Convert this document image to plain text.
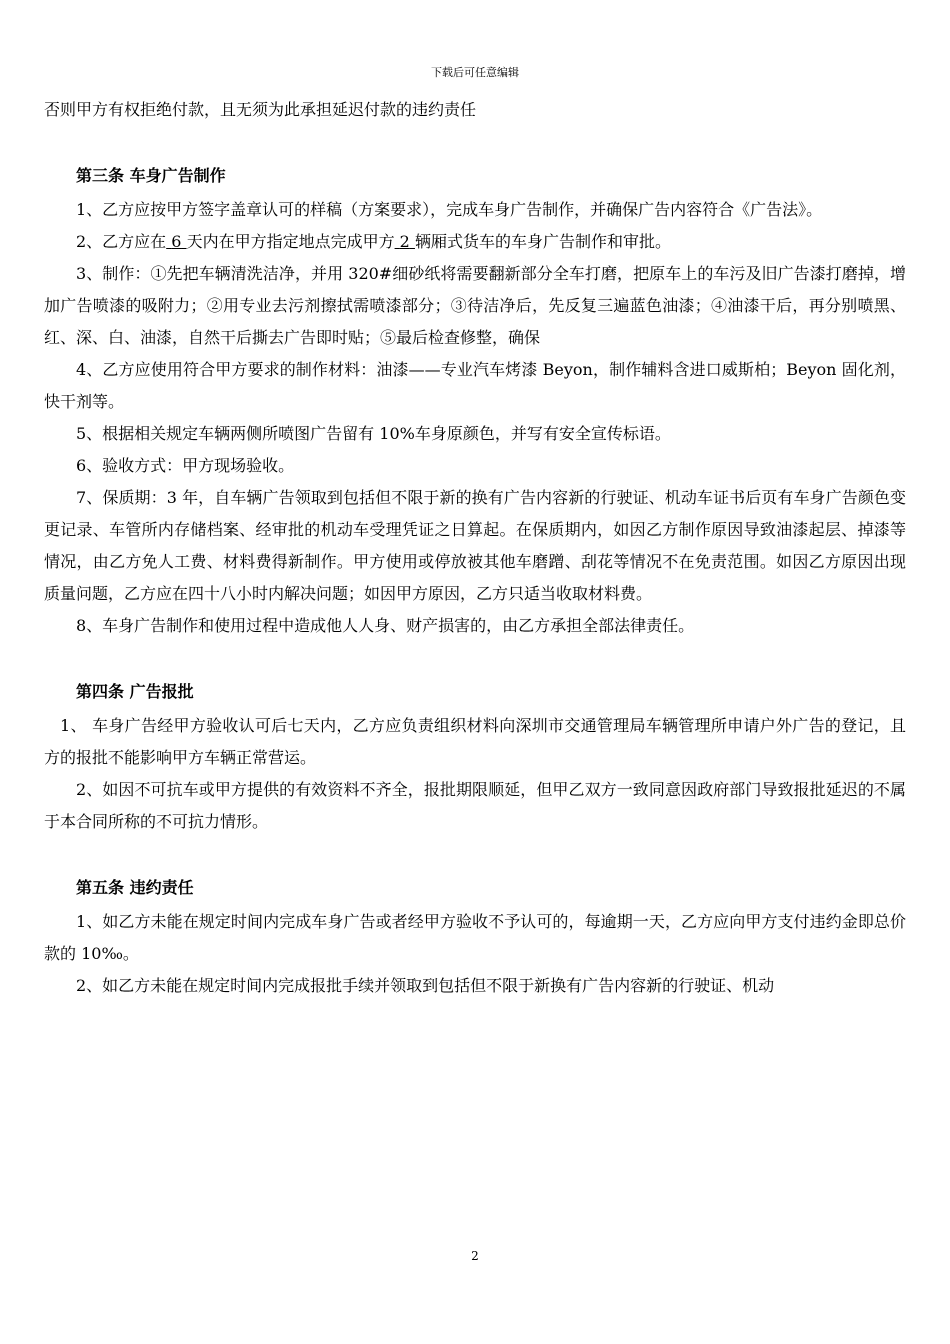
下载后可任意编辑

否则甲方有权拒绝付款，且无须为此承担延迟付款的违约责任

第三条 车身广告制作

1、乙方应按甲方签字盖章认可的样稿（方案要求），完成车身广告制作，并确保广告内容符合《广告法》。

2、乙方应在 6 天内在甲方指定地点完成甲方 2 辆厢式货车的车身广告制作和审批。

3、制作：①先把车辆清洗洁净，并用 320#细砂纸将需要翻新部分全车打磨，把原车上的车污及旧广告漆打磨掉，增加广告喷漆的吸附力；②用专业去污剂擦拭需喷漆部分；③待洁净后，先反复三遍蓝色油漆；④油漆干后，再分别喷黑、红、深、白、油漆，自然干后撕去广告即时贴；⑤最后检查修整，确保

4、乙方应使用符合甲方要求的制作材料：油漆——专业汽车烤漆 Beyon，制作辅料含进口威斯柏；Beyon 固化剂，快干剂等。

5、根据相关规定车辆两侧所喷图广告留有 10%车身原颜色，并写有安全宣传标语。

6、验收方式：甲方现场验收。

7、保质期：3 年，自车辆广告领取到包括但不限于新的换有广告内容新的行驶证、机动车证书后页有车身广告颜色变更记录、车管所内存储档案、经审批的机动车受理凭证之日算起。在保质期内，如因乙方制作原因导致油漆起层、掉漆等情况，由乙方免人工费、材料费得新制作。甲方使用或停放被其他车磨蹭、刮花等情况不在免责范围。如因乙方原因出现质量问题，乙方应在四十八小时内解决问题；如因甲方原因，乙方只适当收取材料费。

8、车身广告制作和使用过程中造成他人人身、财产损害的，由乙方承担全部法律责任。

第四条 广告报批

1、 车身广告经甲方验收认可后七天内，乙方应负责组织材料向深圳市交通管理局车辆管理所申请户外广告的登记，且方的报批不能影响甲方车辆正常营运。

2、如因不可抗车或甲方提供的有效资料不齐全，报批期限顺延，但甲乙双方一致同意因政府部门导致报批延迟的不属于本合同所称的不可抗力情形。

第五条 违约责任

1、如乙方未能在规定时间内完成车身广告或者经甲方验收不予认可的，每逾期一天，乙方应向甲方支付违约金即总价款的 10‰。

2、如乙方未能在规定时间内完成报批手续并领取到包括但不限于新换有广告内容新的行驶证、机动

2
